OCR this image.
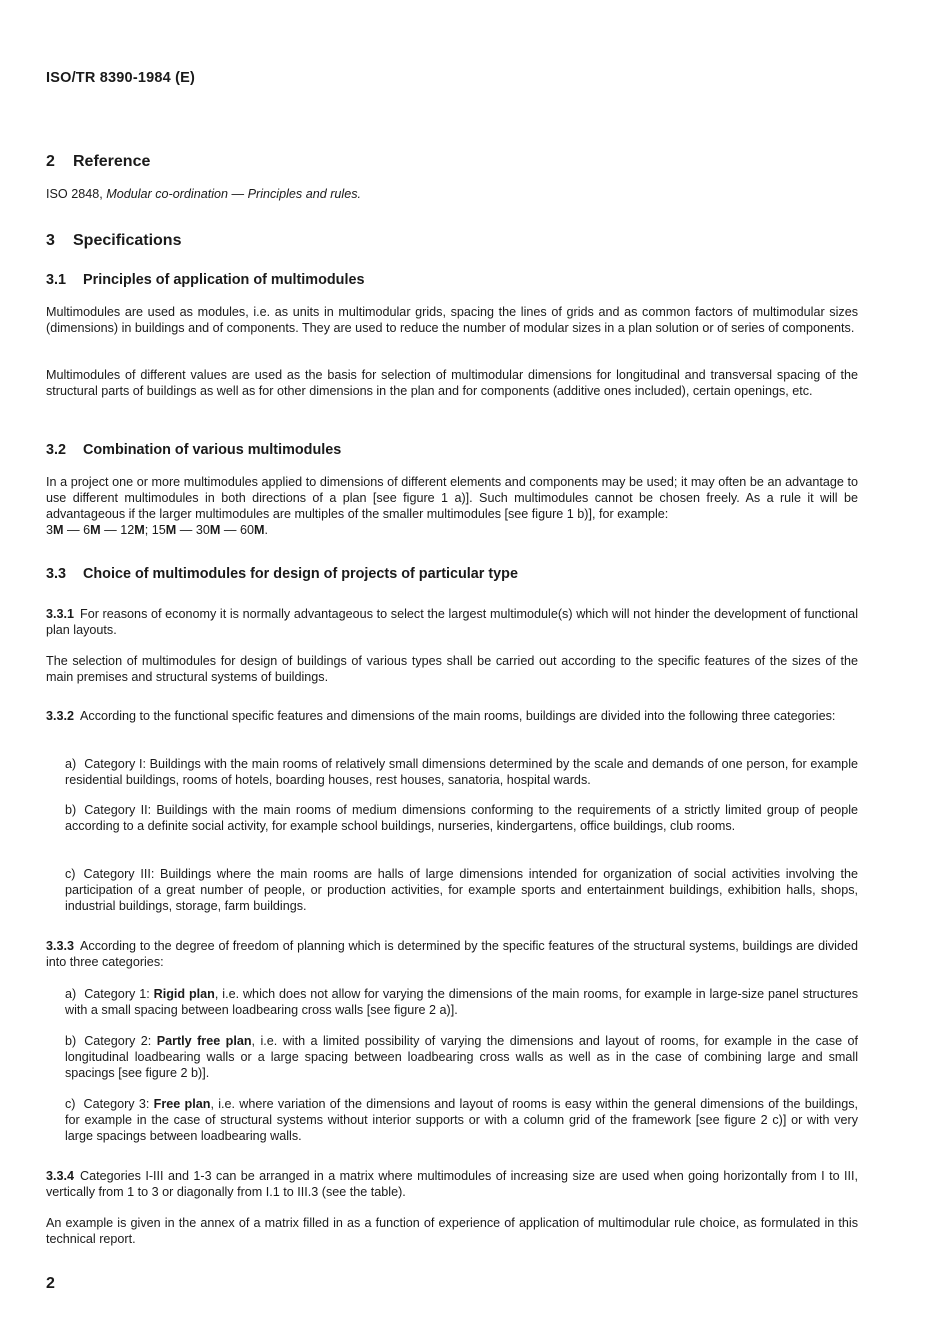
ISO/TR 8390-1984 (E)
2 Reference
ISO 2848, Modular co-ordination — Principles and rules.
3 Specifications
3.1 Principles of application of multimodules
Multimodules are used as modules, i.e. as units in multimodular grids, spacing the lines of grids and as common factors of multimodular sizes (dimensions) in buildings and of components. They are used to reduce the number of modular sizes in a plan solution or of series of components.
Multimodules of different values are used as the basis for selection of multimodular dimensions for longitudinal and transversal spacing of the structural parts of buildings as well as for other dimensions in the plan and for components (additive ones included), certain openings, etc.
3.2 Combination of various multimodules
In a project one or more multimodules applied to dimensions of different elements and components may be used; it may often be an advantage to use different multimodules in both directions of a plan [see figure 1 a)]. Such multimodules cannot be chosen freely. As a rule it will be advantageous if the larger multimodules are multiples of the smaller multimodules [see figure 1 b)], for example:
3M — 6M — 12M; 15M — 30M — 60M.
3.3 Choice of multimodules for design of projects of particular type
3.3.1 For reasons of economy it is normally advantageous to select the largest multimodule(s) which will not hinder the development of functional plan layouts.
The selection of multimodules for design of buildings of various types shall be carried out according to the specific features of the sizes of the main premises and structural systems of buildings.
3.3.2 According to the functional specific features and dimensions of the main rooms, buildings are divided into the following three categories:
a) Category I: Buildings with the main rooms of relatively small dimensions determined by the scale and demands of one person, for example residential buildings, rooms of hotels, boarding houses, rest houses, sanatoria, hospital wards.
b) Category II: Buildings with the main rooms of medium dimensions conforming to the requirements of a strictly limited group of people according to a definite social activity, for example school buildings, nurseries, kindergartens, office buildings, club rooms.
c) Category III: Buildings where the main rooms are halls of large dimensions intended for organization of social activities involving the participation of a great number of people, or production activities, for example sports and entertainment buildings, exhibition halls, shops, industrial buildings, storage, farm buildings.
3.3.3 According to the degree of freedom of planning which is determined by the specific features of the structural systems, buildings are divided into three categories:
a) Category 1: Rigid plan, i.e. which does not allow for varying the dimensions of the main rooms, for example in large-size panel structures with a small spacing between loadbearing cross walls [see figure 2 a)].
b) Category 2: Partly free plan, i.e. with a limited possibility of varying the dimensions and layout of rooms, for example in the case of longitudinal loadbearing walls or a large spacing between loadbearing cross walls as well as in the case of combining large and small spacings [see figure 2 b)].
c) Category 3: Free plan, i.e. where variation of the dimensions and layout of rooms is easy within the general dimensions of the buildings, for example in the case of structural systems without interior supports or with a column grid of the framework [see figure 2 c)] or with very large spacings between loadbearing walls.
3.3.4 Categories I-III and 1-3 can be arranged in a matrix where multimodules of increasing size are used when going horizontally from I to III, vertically from 1 to 3 or diagonally from I.1 to III.3 (see the table).
An example is given in the annex of a matrix filled in as a function of experience of application of multimodular rule choice, as formulated in this technical report.
2
